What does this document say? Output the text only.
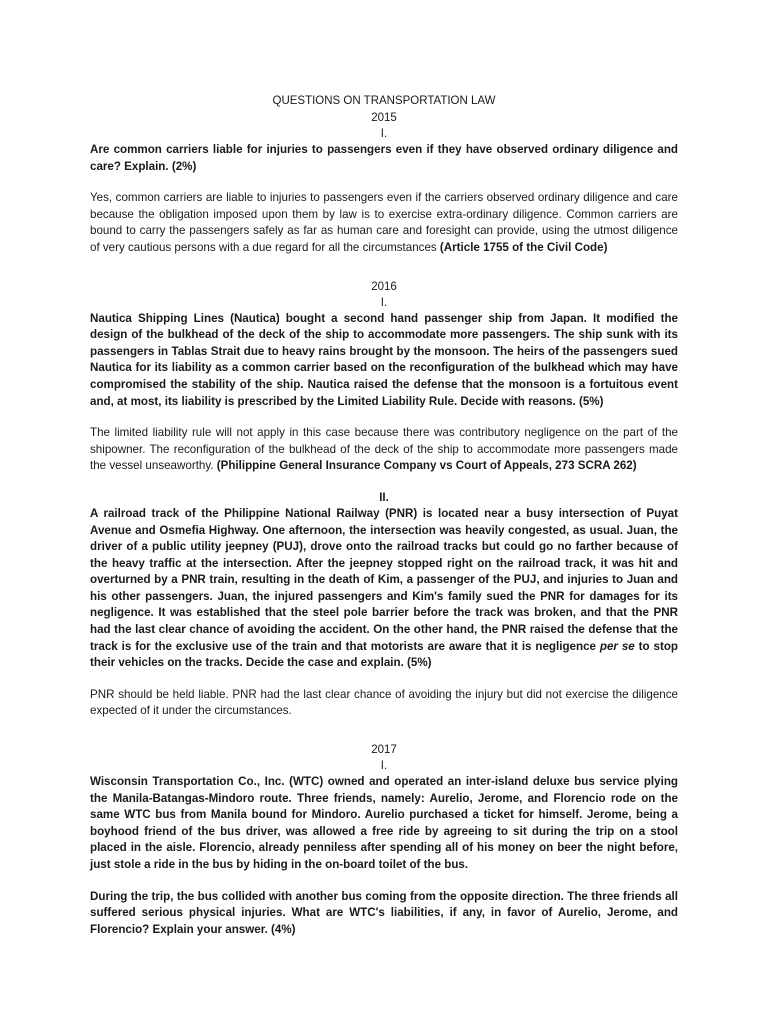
QUESTIONS ON TRANSPORTATION LAW
2015
I.

Are common carriers liable for injuries to passengers even if they have observed ordinary diligence and care? Explain. (2%)

Yes, common carriers are liable to injuries to passengers even if the carriers observed ordinary diligence and care because the obligation imposed upon them by law is to exercise extra-ordinary diligence. Common carriers are bound to carry the passengers safely as far as human care and foresight can provide, using the utmost diligence of very cautious persons with a due regard for all the circumstances (Article 1755 of the Civil Code)

2016
I.

Nautica Shipping Lines (Nautica) bought a second hand passenger ship from Japan. It modified the design of the bulkhead of the deck of the ship to accommodate more passengers. The ship sunk with its passengers in Tablas Strait due to heavy rains brought by the monsoon. The heirs of the passengers sued Nautica for its liability as a common carrier based on the reconfiguration of the bulkhead which may have compromised the stability of the ship. Nautica raised the defense that the monsoon is a fortuitous event and, at most, its liability is prescribed by the Limited Liability Rule. Decide with reasons. (5%)

The limited liability rule will not apply in this case because there was contributory negligence on the part of the shipowner. The reconfiguration of the bulkhead of the deck of the ship to accommodate more passengers made the vessel unseaworthy. (Philippine General Insurance Company vs Court of Appeals, 273 SCRA 262)

II.

A railroad track of the Philippine National Railway (PNR) is located near a busy intersection of Puyat Avenue and Osmefia Highway. One afternoon, the intersection was heavily congested, as usual. Juan, the driver of a public utility jeepney (PUJ), drove onto the railroad tracks but could go no farther because of the heavy traffic at the intersection. After the jeepney stopped right on the railroad track, it was hit and overturned by a PNR train, resulting in the death of Kim, a passenger of the PUJ, and injuries to Juan and his other passengers. Juan, the injured passengers and Kim's family sued the PNR for damages for its negligence. It was established that the steel pole barrier before the track was broken, and that the PNR had the last clear chance of avoiding the accident. On the other hand, the PNR raised the defense that the track is for the exclusive use of the train and that motorists are aware that it is negligence per se to stop their vehicles on the tracks. Decide the case and explain. (5%)

PNR should be held liable. PNR had the last clear chance of avoiding the injury but did not exercise the diligence expected of it under the circumstances.

2017
I.

Wisconsin Transportation Co., Inc. (WTC) owned and operated an inter-island deluxe bus service plying the Manila-Batangas-Mindoro route. Three friends, namely: Aurelio, Jerome, and Florencio rode on the same WTC bus from Manila bound for Mindoro. Aurelio purchased a ticket for himself. Jerome, being a boyhood friend of the bus driver, was allowed a free ride by agreeing to sit during the trip on a stool placed in the aisle. Florencio, already penniless after spending all of his money on beer the night before, just stole a ride in the bus by hiding in the on-board toilet of the bus.

During the trip, the bus collided with another bus coming from the opposite direction. The three friends all suffered serious physical injuries. What are WTC's liabilities, if any, in favor of Aurelio, Jerome, and Florencio? Explain your answer. (4%)
